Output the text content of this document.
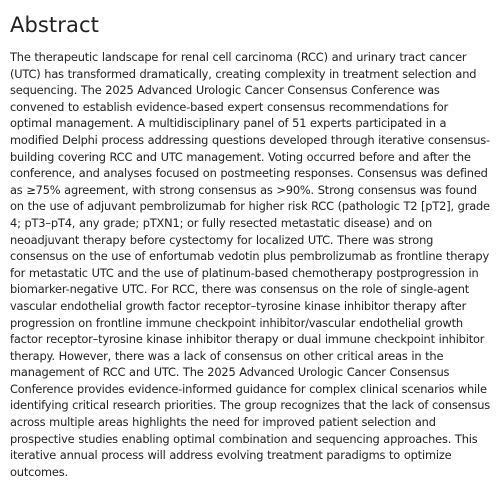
Abstract

The therapeutic landscape for renal cell carcinoma (RCC) and urinary tract cancer (UTC) has transformed dramatically, creating complexity in treatment selection and sequencing. The 2025 Advanced Urologic Cancer Consensus Conference was convened to establish evidence-based expert consensus recommendations for optimal management. A multidisciplinary panel of 51 experts participated in a modified Delphi process addressing questions developed through iterative consensus-building covering RCC and UTC management. Voting occurred before and after the conference, and analyses focused on postmeeting responses. Consensus was defined as ≥75% agreement, with strong consensus as >90%. Strong consensus was found on the use of adjuvant pembrolizumab for higher risk RCC (pathologic T2 [pT2], grade 4; pT3–pT4, any grade; pTXN1; or fully resected metastatic disease) and on neoadjuvant therapy before cystectomy for localized UTC. There was strong consensus on the use of enfortumab vedotin plus pembrolizumab as frontline therapy for metastatic UTC and the use of platinum-based chemotherapy postprogression in biomarker-negative UTC. For RCC, there was consensus on the role of single-agent vascular endothelial growth factor receptor–tyrosine kinase inhibitor therapy after progression on frontline immune checkpoint inhibitor/vascular endothelial growth factor receptor–tyrosine kinase inhibitor therapy or dual immune checkpoint inhibitor therapy. However, there was a lack of consensus on other critical areas in the management of RCC and UTC. The 2025 Advanced Urologic Cancer Consensus Conference provides evidence-informed guidance for complex clinical scenarios while identifying critical research priorities. The group recognizes that the lack of consensus across multiple areas highlights the need for improved patient selection and prospective studies enabling optimal combination and sequencing approaches. This iterative annual process will address evolving treatment paradigms to optimize outcomes.
